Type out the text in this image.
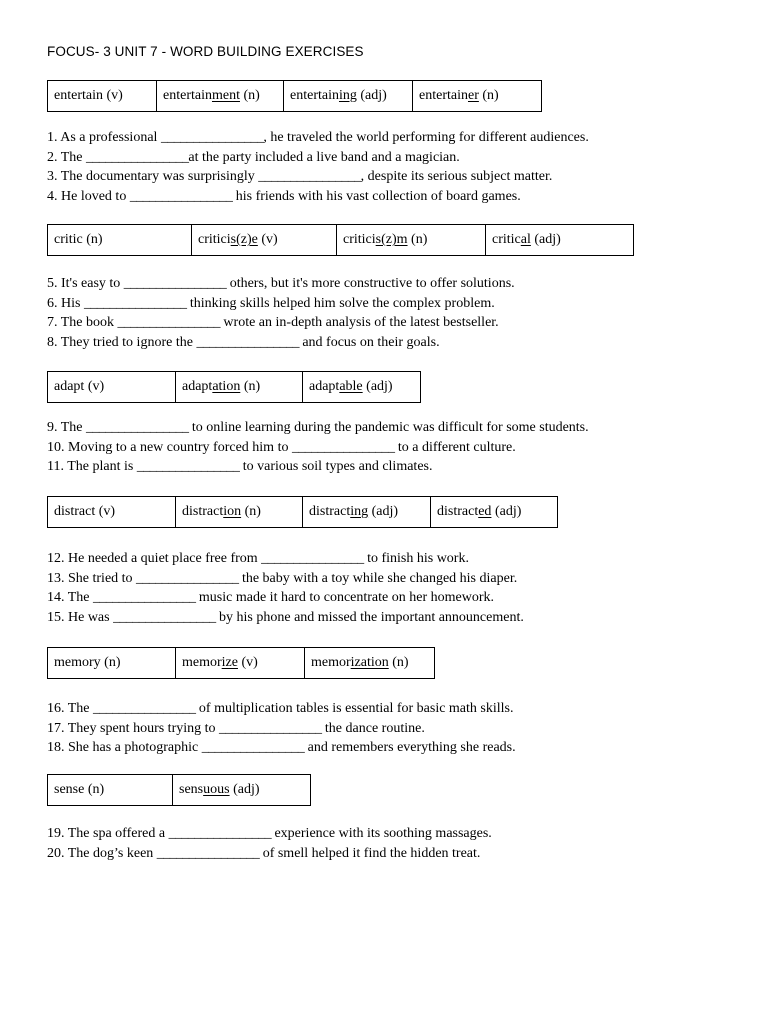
FOCUS- 3 UNIT 7 - WORD BUILDING EXERCISES
entertain (v)	entertainment (n)	entertaining (adj)	entertainer (n)
1. As a professional ________________, he traveled the world performing for different audiences.
2. The ________________at the party included a live band and a magician.
3. The documentary was surprisingly ________________, despite its serious subject matter.
4. He loved to ________________ his friends with his vast collection of board games.
critic (n)	criticis(z)e (v)	criticis(z)m (n)	critical (adj)
5. It's easy to ________________ others, but it's more constructive to offer solutions.
6. His ________________ thinking skills helped him solve the complex problem.
7. The book ________________ wrote an in-depth analysis of the latest bestseller.
8. They tried to ignore the ________________ and focus on their goals.
adapt (v)	adaptation (n)	adaptable (adj)
9. The ________________ to online learning during the pandemic was difficult for some students.
10. Moving to a new country forced him to ________________ to a different culture.
11. The plant is ________________ to various soil types and climates.
distract (v)	distraction (n)	distracting (adj)	distracted (adj)
12. He needed a quiet place free from ________________ to finish his work.
13. She tried to ________________ the baby with a toy while she changed his diaper.
14. The ________________ music made it hard to concentrate on her homework.
15. He was ________________ by his phone and missed the important announcement.
memory (n)	memorize (v)	memorization (n)
16. The ________________ of multiplication tables is essential for basic math skills.
17. They spent hours trying to ________________ the dance routine.
18. She has a photographic ________________ and remembers everything she reads.
sense (n)	sensuous (adj)
19. The spa offered a ________________ experience with its soothing massages.
20. The dog’s keen ________________ of smell helped it find the hidden treat.
